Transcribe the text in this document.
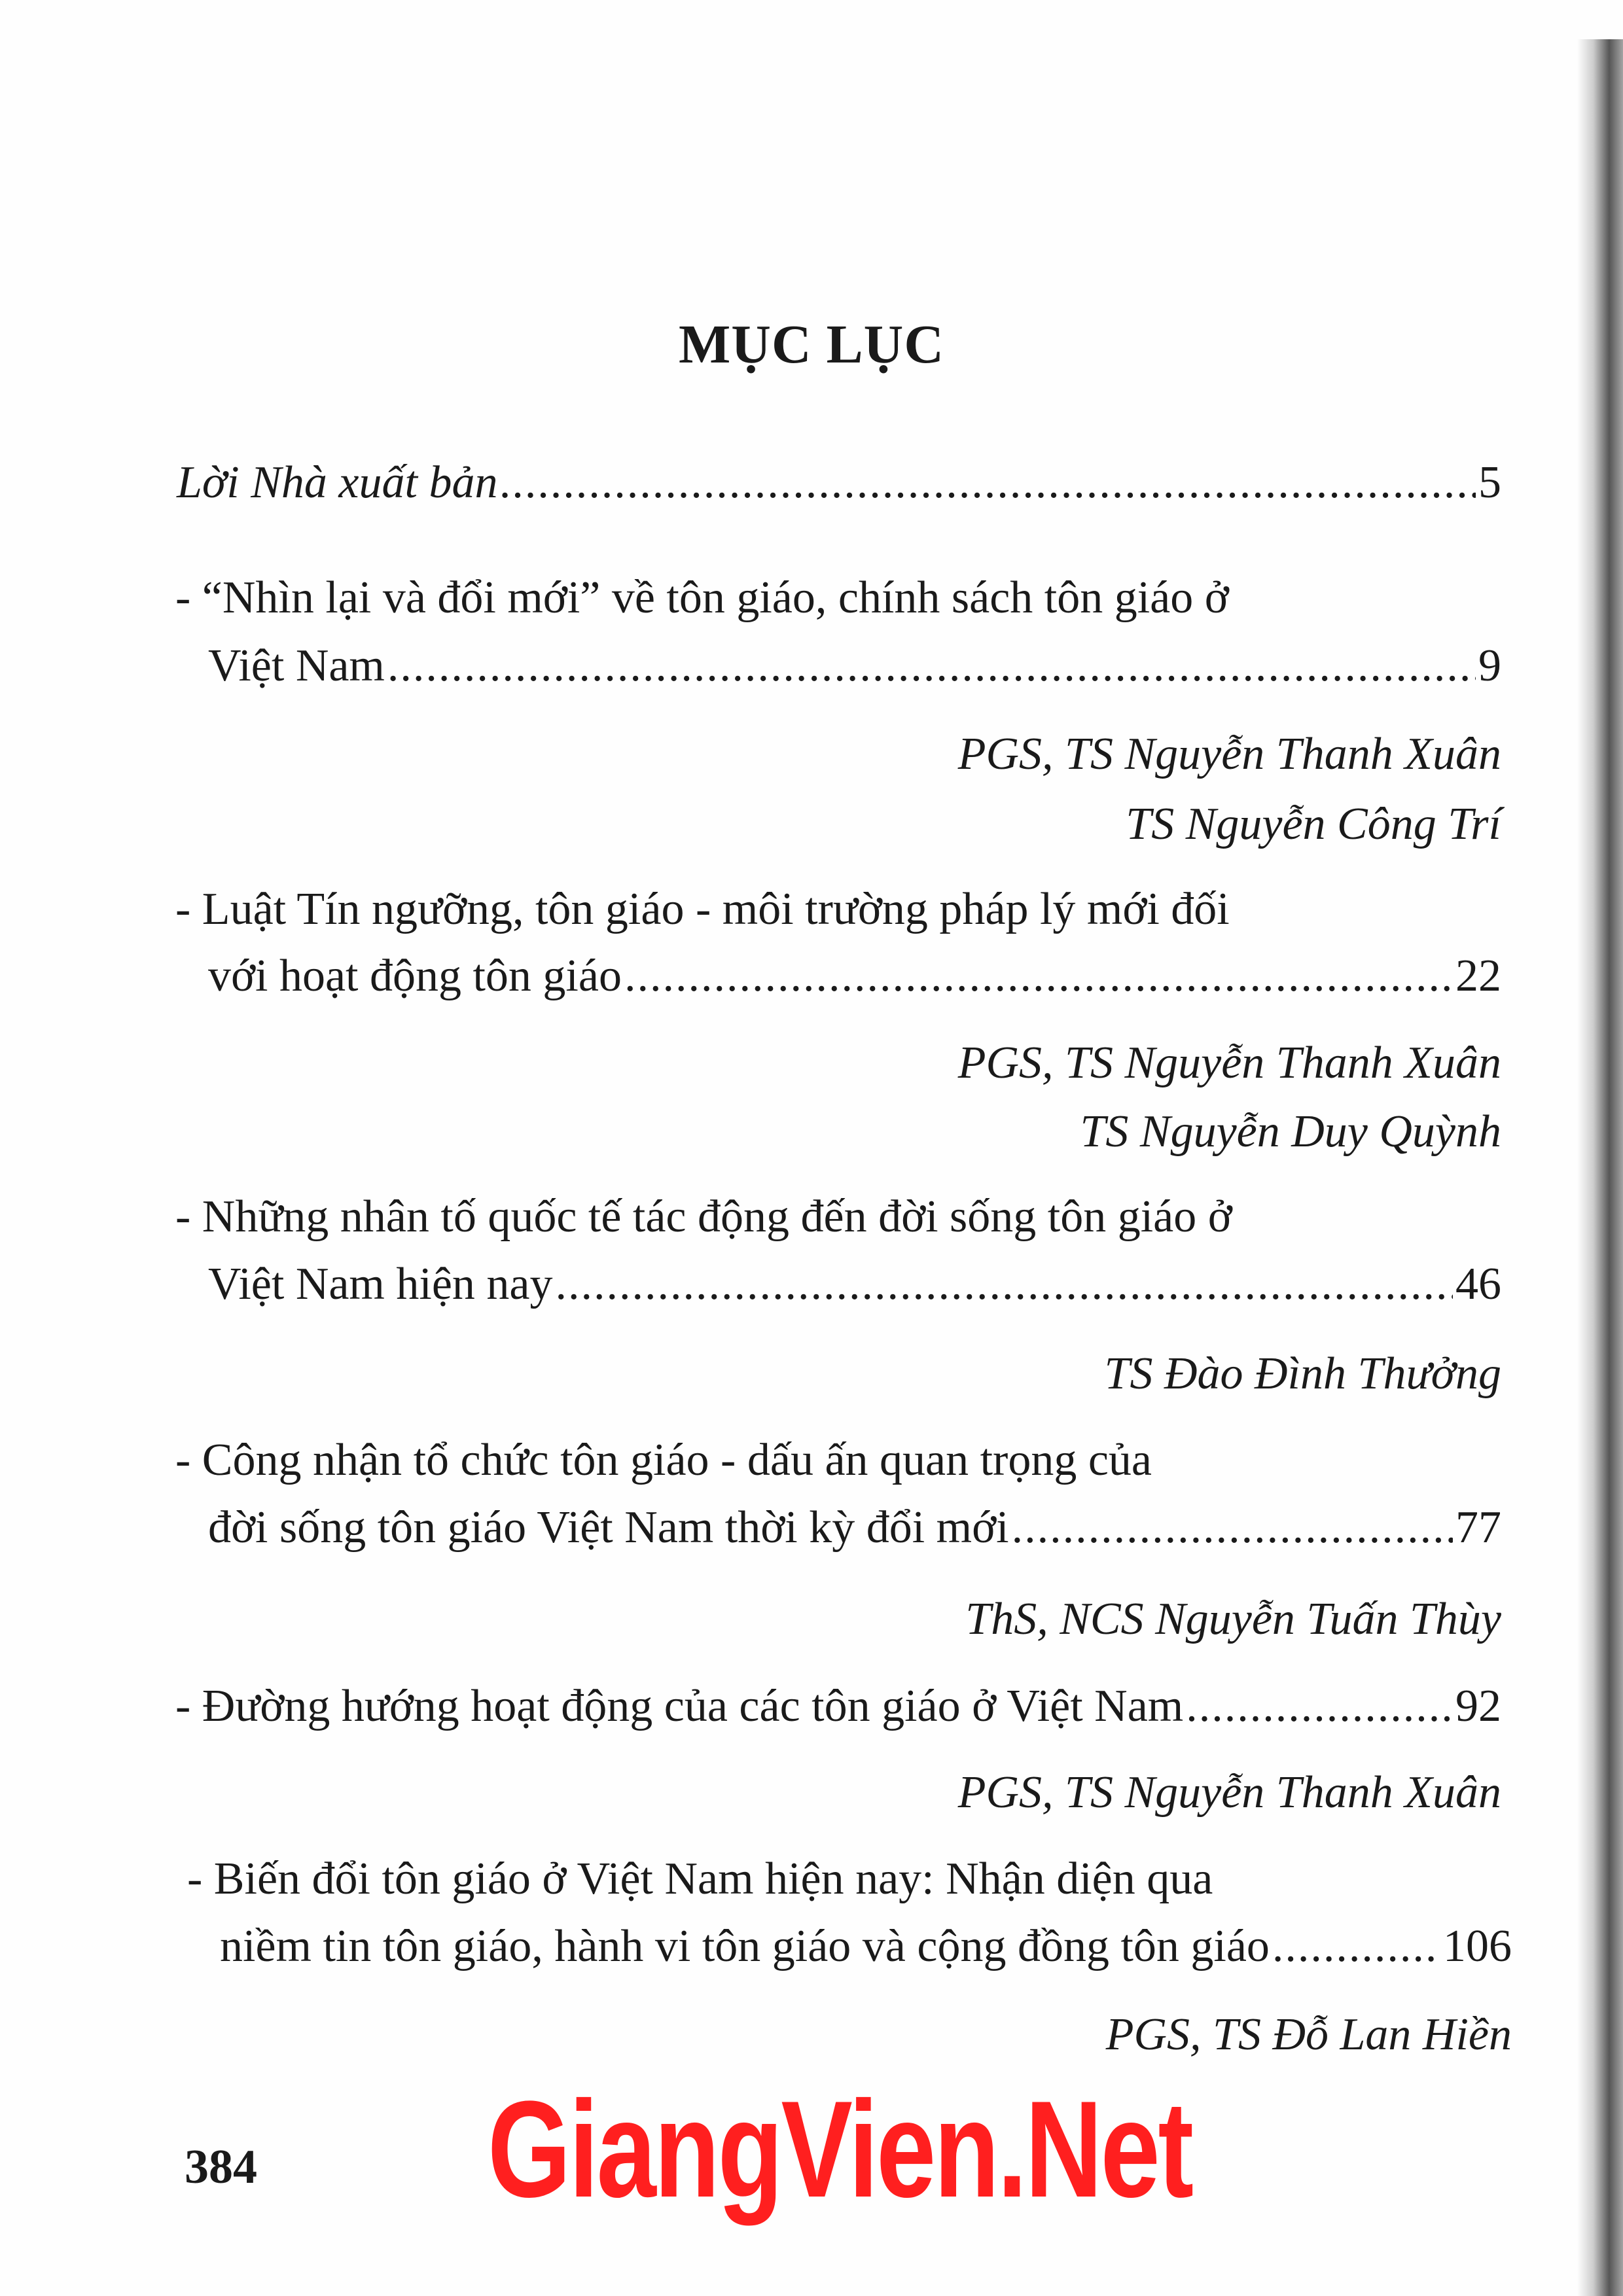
MỤC LỤC
Lời Nhà xuất bản .....	5
- “Nhìn lại và đổi mới” về tôn giáo, chính sách tôn giáo ở
Việt Nam .....	9
PGS, TS Nguyễn Thanh Xuân
TS Nguyễn Công Trí
- Luật Tín ngưỡng, tôn giáo - môi trường pháp lý mới đối
với hoạt động tôn giáo .....	22
PGS, TS Nguyễn Thanh Xuân
TS Nguyễn Duy Quỳnh
- Những nhân tố quốc tế tác động đến đời sống tôn giáo ở
Việt Nam hiện nay .....	46
TS Đào Đình Thưởng
- Công nhận tổ chức tôn giáo - dấu ấn quan trọng của
đời sống tôn giáo Việt Nam thời kỳ đổi mới .....	77
ThS, NCS Nguyễn Tuấn Thùy
- Đường hướng hoạt động của các tôn giáo ở Việt Nam .....	92
PGS, TS Nguyễn Thanh Xuân
- Biến đổi tôn giáo ở Việt Nam hiện nay: Nhận diện qua
niềm tin tôn giáo, hành vi tôn giáo và cộng đồng tôn giáo .....	106
PGS, TS Đỗ Lan Hiền
384 GiangVien.Net
